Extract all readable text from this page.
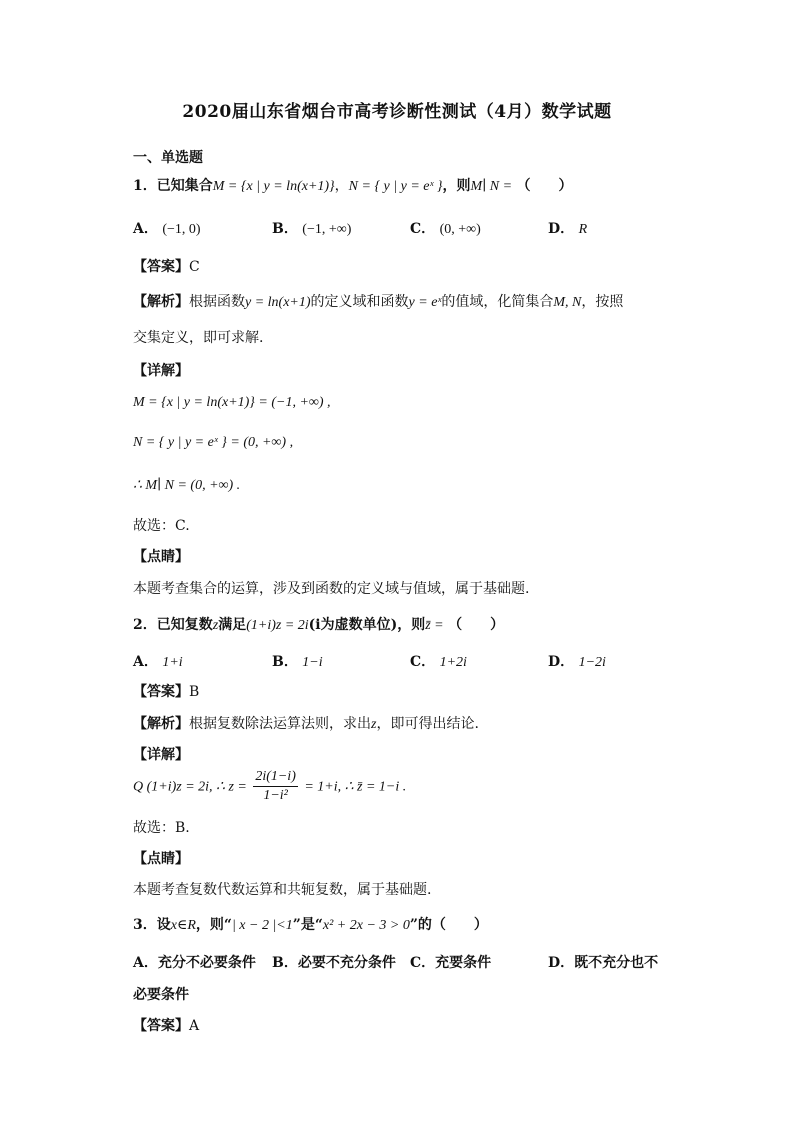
2020届山东省烟台市高考诊断性测试（4月）数学试题
一、单选题
1．已知集合M = {x | y = ln(x+1)}，N = { y | y = eˣ }，则M∣ N = （　　）
A． (−1, 0)	B． (−1, +∞)	C． (0, +∞)	D． R
【答案】C
【解析】根据函数y = ln(x+1)的定义域和函数y = eˣ的值域，化简集合M, N，按照
交集定义，即可求解.
【详解】
M = {x | y = ln(x+1)} = (−1, +∞) ,
N = { y | y = eˣ } = (0, +∞) ,
∴ M∣ N = (0, +∞) .
故选：C.
【点睛】
本题考查集合的运算，涉及到函数的定义域与值域，属于基础题.
2．已知复数z满足(1+i)z = 2i(i为虚数单位)，则z̄ = （　　）
A． 1+i	B． 1−i	C． 1+2i	D． 1−2i
【答案】B
【解析】根据复数除法运算法则，求出z，即可得出结论.
【详解】
Q (1+i)z = 2i, ∴ $z = \frac{2i(1-i)}{\text{1−i²}} = 1+i$, ∴ z̄ = 1−i .
故选：B.
【点睛】
本题考查复数代数运算和共轭复数，属于基础题.
3．设x∈R，则“| x − 2 |<1”是“x² + 2x − 3 > 0”的（　　）
A．充分不必要条件 B．必要不充分条件 C．充要条件	D．既不充分也不
必要条件
【答案】A
